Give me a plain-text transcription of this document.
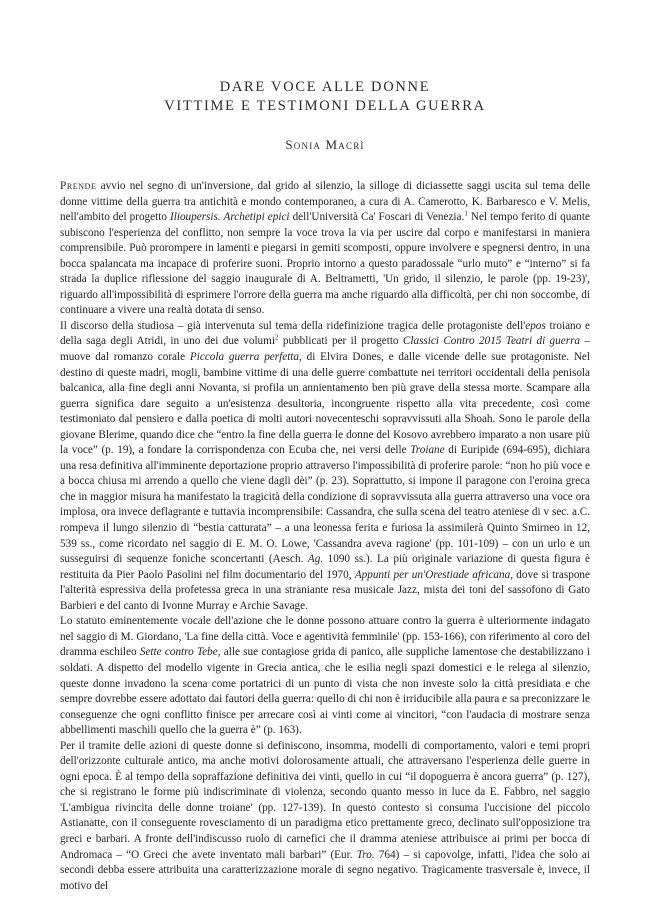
DARE VOCE ALLE DONNE
VITTIME E TESTIMONI DELLA GUERRA
Sonia Macrì

Prende avvio nel segno di un'inversione, dal grido al silenzio, la silloge di diciassette saggi uscita sul tema delle donne vittime della guerra tra antichità e mondo contemporaneo, a cura di A. Camerotto, K. Barbaresco e V. Melis, nell'ambito del progetto Ilioupersis. Archetipi epici dell'Università Ca' Foscari di Venezia.$^1$ Nel tempo ferito di quante subiscono l'esperienza del conflitto, non sempre la voce trova la via per uscire dal corpo e manifestarsi in maniera comprensibile. Può prorompere in lamenti e piegarsi in gemiti scomposti, oppure involvere e spegnersi dentro, in una bocca spalancata ma incapace di proferire suoni. Proprio intorno a questo paradossale “urlo muto” e “interno” si fa strada la duplice riflessione del saggio inaugurale di A. Beltrametti, 'Un grido, il silenzio, le parole (pp. 19-23)', riguardo all'impossibilità di esprimere l'orrore della guerra ma anche riguardo alla difficoltà, per chi non soccombe, di continuare a vivere una realtà dotata di senso.

Il discorso della studiosa – già intervenuta sul tema della ridefinizione tragica delle protagoniste dell'epos troiano e della saga degli Atridi, in uno dei due volumi$^2$ pubblicati per il progetto Classici Contro 2015 Teatri di guerra – muove dal romanzo corale Piccola guerra perfetta, di Elvira Dones, e dalle vicende delle sue protagoniste. Nel destino di queste madri, mogli, bambine vittime di una delle guerre combattute nei territori occidentali della penisola balcanica, alla fine degli anni Novanta, si profila un annientamento ben più grave della stessa morte. Scampare alla guerra significa dare seguito a un'esistenza desultoria, incongruente rispetto alla vita precedente, così come testimoniato dal pensiero e dalla poetica di molti autori novecenteschi sopravvissuti alla Shoah. Sono le parole della giovane Blerime, quando dice che “entro la fine della guerra le donne del Kosovo avrebbero imparato a non usare più la voce” (p. 19), a fondare la corrispondenza con Ecuba che, nei versi delle Troiane di Euripide (694-695), dichiara una resa definitiva all'imminente deportazione proprio attraverso l'impossibilità di proferire parole: “non ho più voce e a bocca chiusa mi arrendo a quello che viene dagli dèi” (p. 23). Soprattutto, si impone il paragone con l'eroina greca che in maggior misura ha manifestato la tragicità della condizione di sopravvissuta alla guerra attraverso una voce ora implosa, ora invece deflagrante e tuttavia incomprensibile: Cassandra, che sulla scena del teatro ateniese di v sec. a.C. rompeva il lungo silenzio di “bestia catturata” – a una leonessa ferita e furiosa la assimilerà Quinto Smirneo in 12, 539 ss., come ricordato nel saggio di E. M. O. Lowe, 'Cassandra aveva ragione' (pp. 101-109) – con un urlo e un susseguirsi di sequenze foniche sconcertanti (Aesch. Ag. 1090 ss.). La più originale variazione di questa figura è restituita da Pier Paolo Pasolini nel film documentario del 1970, Appunti per un'Orestiade africana, dove si traspone l'alterità espressiva della profetessa greca in una straniante resa musicale Jazz, mista dei toni del sassofono di Gato Barbieri e del canto di Ivonne Murray e Archie Savage.

Lo statuto eminentemente vocale dell'azione che le donne possono attuare contro la guerra è ulteriormente indagato nel saggio di M. Giordano, 'La fine della città. Voce e agentività femminile' (pp. 153-166), con riferimento al coro del dramma eschileo Sette contro Tebe, alle sue contagiose grida di panico, alle suppliche lamentose che destabilizzano i soldati. A dispetto del modello vigente in Grecia antica, che le esilia negli spazi domestici e le relega al silenzio, queste donne invadono la scena come portatrici di un punto di vista che non investe solo la città presidiata e che sempre dovrebbe essere adottato dai fautori della guerra: quello di chi non è irriducibile alla paura e sa preconizzare le conseguenze che ogni conflitto finisce per arrecare così ai vinti come ai vincitori, “con l'audacia di mostrare senza abbellimenti maschili quello che la guerra è” (p. 163).

Per il tramite delle azioni di queste donne si definiscono, insomma, modelli di comportamento, valori e temi propri dell'orizzonte culturale antico, ma anche motivi dolorosamente attuali, che attraversano l'esperienza delle guerre in ogni epoca. È al tempo della sopraffazione definitiva dei vinti, quello in cui “il dopoguerra è ancora guerra” (p. 127), che si registrano le forme più indiscriminate di violenza, secondo quanto messo in luce da E. Fabbro, nel saggio 'L'ambigua rivincita delle donne troiane' (pp. 127-139). In questo contesto si consuma l'uccisione del piccolo Astianatte, con il conseguente rovesciamento di un paradigma etico prettamente greco, declinato sull'opposizione tra greci e barbari. A fronte dell'indiscusso ruolo di carnefici che il dramma ateniese attribuisce ai primi per bocca di Andromaca – “O Greci che avete inventato mali barbari” (Eur. Tro. 764) – si capovolge, infatti, l'idea che solo ai secondi debba essere attribuita una caratterizzazione morale di segno negativo. Tragicamente trasversale è, invece, il motivo del
